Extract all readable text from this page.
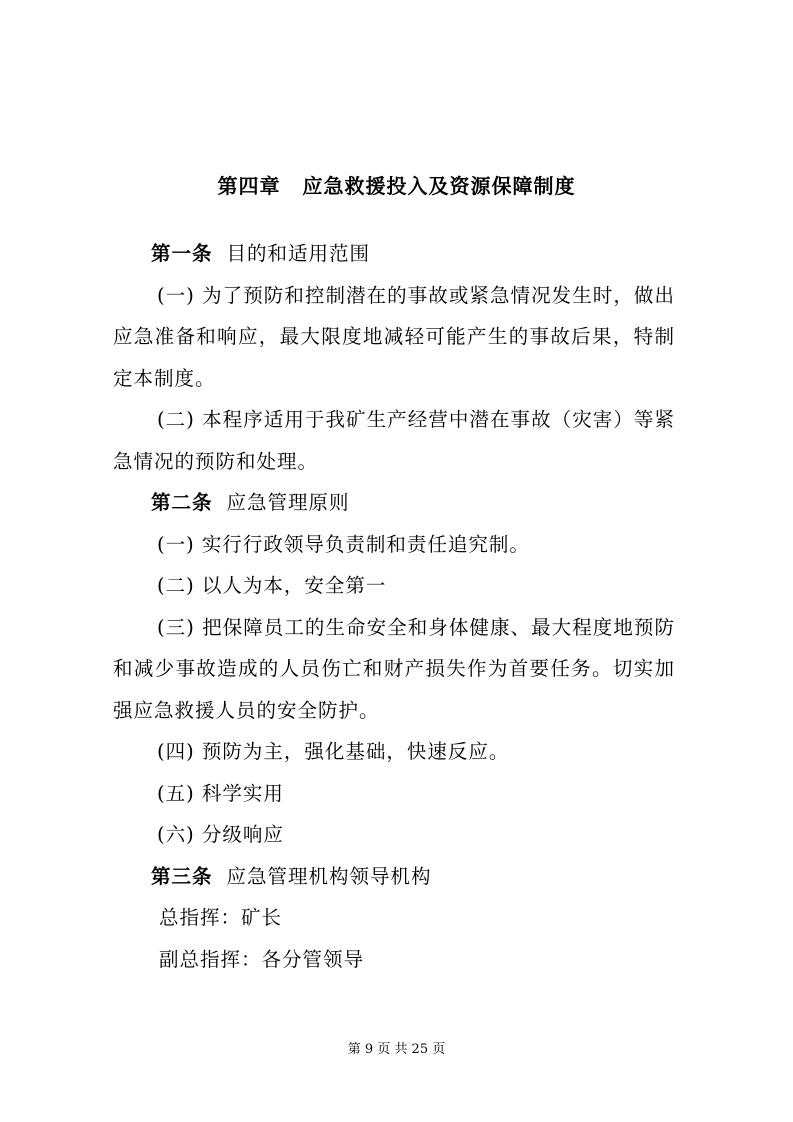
第四章 应急救援投入及资源保障制度
第一条 目的和适用范围
(一) 为了预防和控制潜在的事故或紧急情况发生时，做出应急准备和响应，最大限度地减轻可能产生的事故后果，特制定本制度。
(二) 本程序适用于我矿生产经营中潜在事故（灾害）等紧急情况的预防和处理。
第二条 应急管理原则
(一) 实行行政领导负责制和责任追究制。
(二) 以人为本，安全第一
(三) 把保障员工的生命安全和身体健康、最大程度地预防和减少事故造成的人员伤亡和财产损失作为首要任务。切实加强应急救援人员的安全防护。
(四) 预防为主，强化基础，快速反应。
(五) 科学实用
(六) 分级响应
第三条 应急管理机构领导机构
总指挥：矿长
副总指挥：各分管领导
第 9 页 共 25 页
